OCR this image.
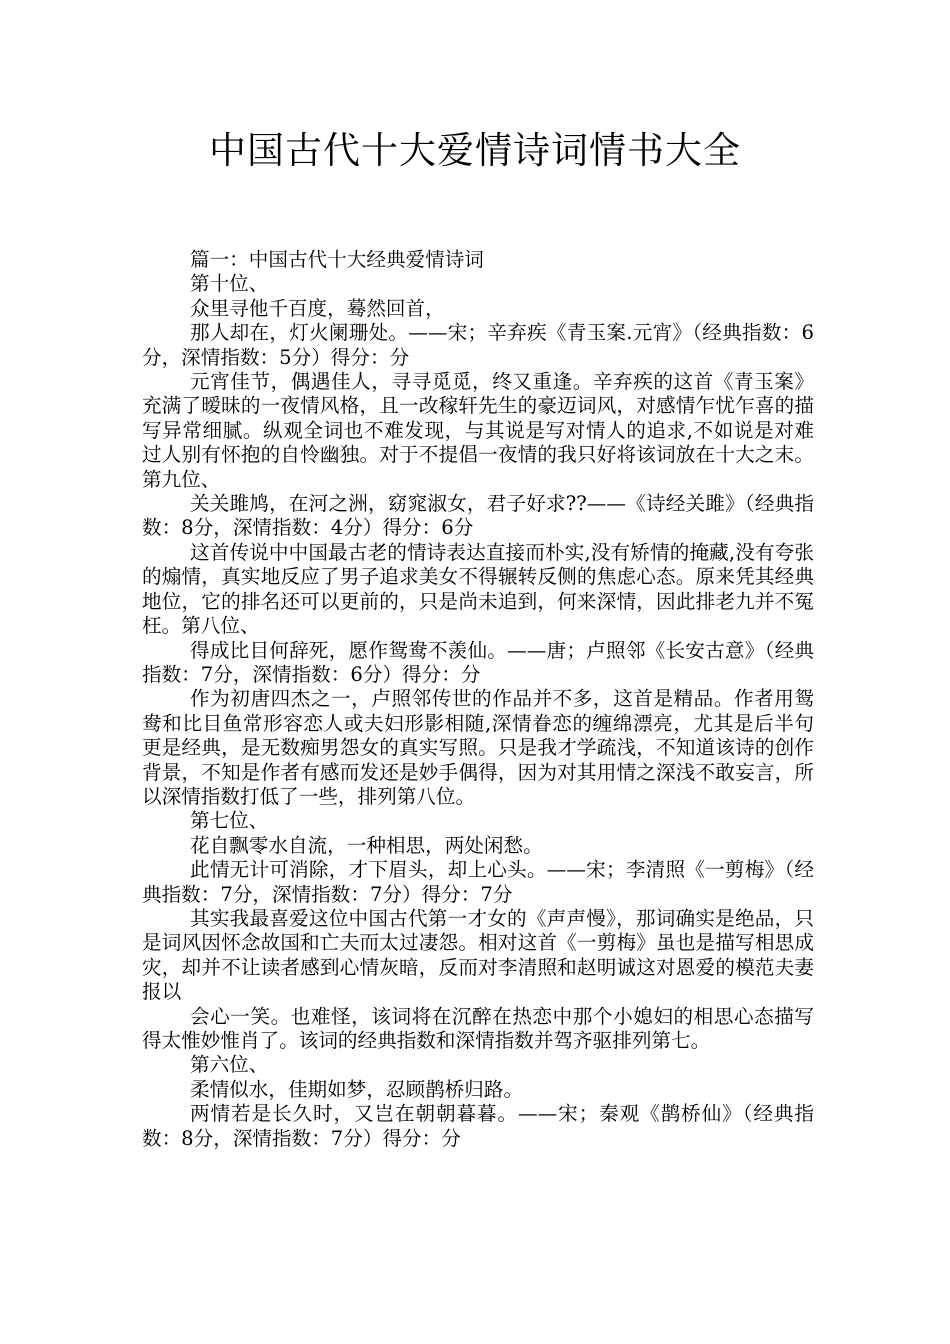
中国古代十大爱情诗词情书大全

篇一：中国古代十大经典爱情诗词

第十位、

众里寻他千百度，蓦然回首，

那人却在，灯火阑珊处。——宋；辛弃疾《青玉案.元宵》（经典指数：6分，深情指数：5分）得分：分

元宵佳节，偶遇佳人，寻寻觅觅，终又重逢。辛弃疾的这首《青玉案》充满了暧昧的一夜情风格，且一改稼轩先生的豪迈词风，对感情乍忧乍喜的描写异常细腻。纵观全词也不难发现，与其说是写对情人的追求,不如说是对难过人别有怀抱的自怜幽独。对于不提倡一夜情的我只好将该词放在十大之末。第九位、

关关雎鸠，在河之洲，窈窕淑女，君子好求??——《诗经关雎》（经典指数：8分，深情指数：4分）得分：6分

这首传说中中国最古老的情诗表达直接而朴实,没有矫情的掩藏,没有夸张的煽情，真实地反应了男子追求美女不得辗转反侧的焦虑心态。原来凭其经典地位，它的排名还可以更前的，只是尚未追到，何来深情，因此排老九并不冤枉。第八位、

得成比目何辞死，愿作鸳鸯不羡仙。——唐；卢照邻《长安古意》（经典指数：7分，深情指数：6分）得分：分

作为初唐四杰之一，卢照邻传世的作品并不多，这首是精品。作者用鸳鸯和比目鱼常形容恋人或夫妇形影相随,深情眷恋的缠绵漂亮，尤其是后半句更是经典，是无数痴男怨女的真实写照。只是我才学疏浅，不知道该诗的创作背景，不知是作者有感而发还是妙手偶得，因为对其用情之深浅不敢妄言，所以深情指数打低了一些，排列第八位。

第七位、

花自飘零水自流，一种相思，两处闲愁。

此情无计可消除，才下眉头，却上心头。——宋；李清照《一剪梅》（经典指数：7分，深情指数：7分）得分：7分

其实我最喜爱这位中国古代第一才女的《声声慢》，那词确实是绝品，只是词风因怀念故国和亡夫而太过凄怨。相对这首《一剪梅》虽也是描写相思成灾，却并不让读者感到心情灰暗，反而对李清照和赵明诚这对恩爱的模范夫妻报以

会心一笑。也难怪，该词将在沉醉在热恋中那个小媳妇的相思心态描写得太惟妙惟肖了。该词的经典指数和深情指数并驾齐驱排列第七。

第六位、

柔情似水，佳期如梦，忍顾鹊桥归路。

两情若是长久时，又岂在朝朝暮暮。——宋；秦观《鹊桥仙》（经典指数：8分，深情指数：7分）得分：分
